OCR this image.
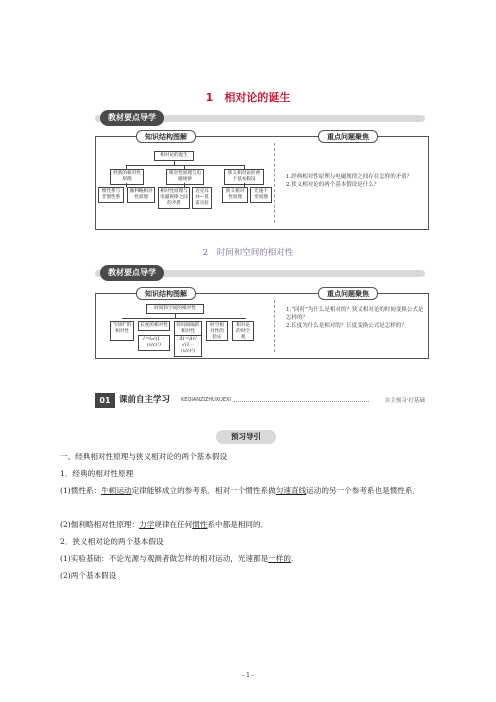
1　相对论的诞生
教材要点导学
知识结构图解	重点问题聚焦
相对论的诞生
经典的相对性原理
相对性原理与电磁规律
狭义相对论的两个基本假设
惯性系与非惯性系
伽利略相对性原理
相对性原理与电磁规律之间的矛盾
迈克耳孙—莫雷实验
狭义相对性原理
光速不变原理
1.经典相对性原理与电磁规律之间存在怎样的矛盾？
2.狭义相对论的两个基本假设是什么？
2　时间和空间的相对性
教材要点导学
知识结构图解	重点问题聚焦
时间和空间的相对性
“同时”的相对性
长度的相对性	时间间隔的相对性
时空相对性的验证
相对论的时空观
l＝l₀√(1－(v/c)²)
Δt＝Δτ/√(1－(v/c)²)
1.“同时”为什么是相对的？狭义相对论的时间变换公式是怎样的？
2.长度为什么是相对的？长度变换公式是怎样的？
01 课前自主学习 KEQIANZIZHUXUEXI	自主预习·打基础
预习导引
一、经典相对性原理与狭义相对论的两个基本假设
1．经典的相对性原理
(1)惯性系：牛顿运动定律能够成立的参考系．相对一个惯性系做匀速直线运动的另一个参考系也是惯性系．
(2)伽利略相对性原理：力学规律在任何惯性系中都是相同的．
2．狭义相对论的两个基本假设
(1)实验基础：不论光源与观测者做怎样的相对运动，光速都是一样的．
(2)两个基本假设
- 1 -
